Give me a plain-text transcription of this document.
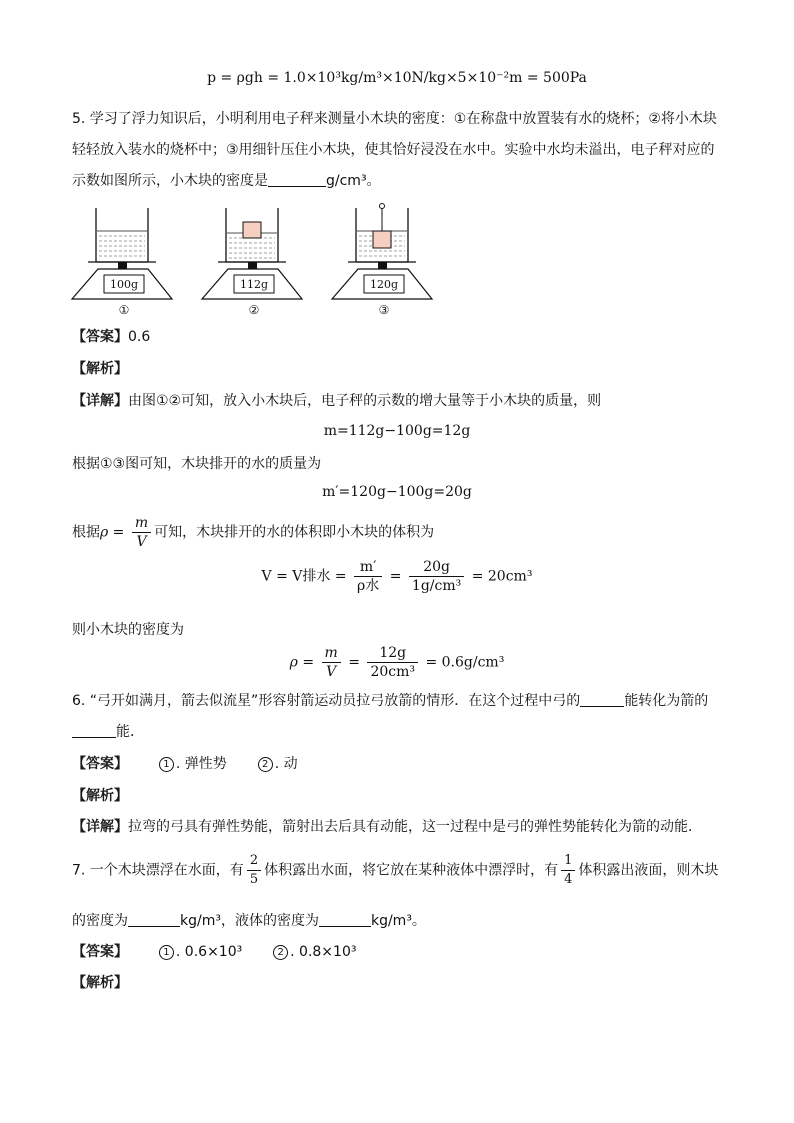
p = ρgh = 1.0×10³kg/m³×10N/kg×5×10⁻²m = 500Pa
5. 学习了浮力知识后，小明利用电子秤来测量小木块的密度：①在称盘中放置装有水的烧杯；②将小木块
轻轻放入装水的烧杯中；③用细针压住小木块，使其恰好浸没在水中。实验中水均未溢出，电子秤对应的
示数如图所示，小木块的密度是	g/cm³。
100g
①
112g
②
120g
③
【答案】0.6
【解析】
【详解】由图①②可知，放入小木块后，电子秤的示数的增大量等于小木块的质量，则
m=112g−100g=12g
根据①③图可知，木块排开的水的质量为
m′=120g−100g=20g
根据$\rho = \frac{m}{V}$ 可知，木块排开的水的体积即小木块的体积为
V = V排水 = $\frac{m'}{\text{ρ水}} = \frac{20g}{\text{1g/cm³}} = 20cm^3$
则小木块的密度为
$\rho = \frac{m}{V} = \frac{12g}{\text{20cm³}} = 0.6g/cm^3$
6. “弓开如满月，箭去似流星”形容射箭运动员拉弓放箭的情形．在这个过程中弓的	能转化为箭的
能．
【答案】	1 . 弹性势	2 . 动
【解析】
【详解】拉弯的弓具有弹性势能，箭射出去后具有动能，这一过程中是弓的弹性势能转化为箭的动能．
7. 一个木块漂浮在水面，有 $\frac{2}{5}$ 体积露出水面，将它放在某种液体中漂浮时，有 $\frac{1}{4}$ 体积露出液面，则木块
的密度为	kg/m³，液体的密度为	kg/m³。
【答案】	1 . 0.6×10³	2 . 0.8×10³
【解析】
